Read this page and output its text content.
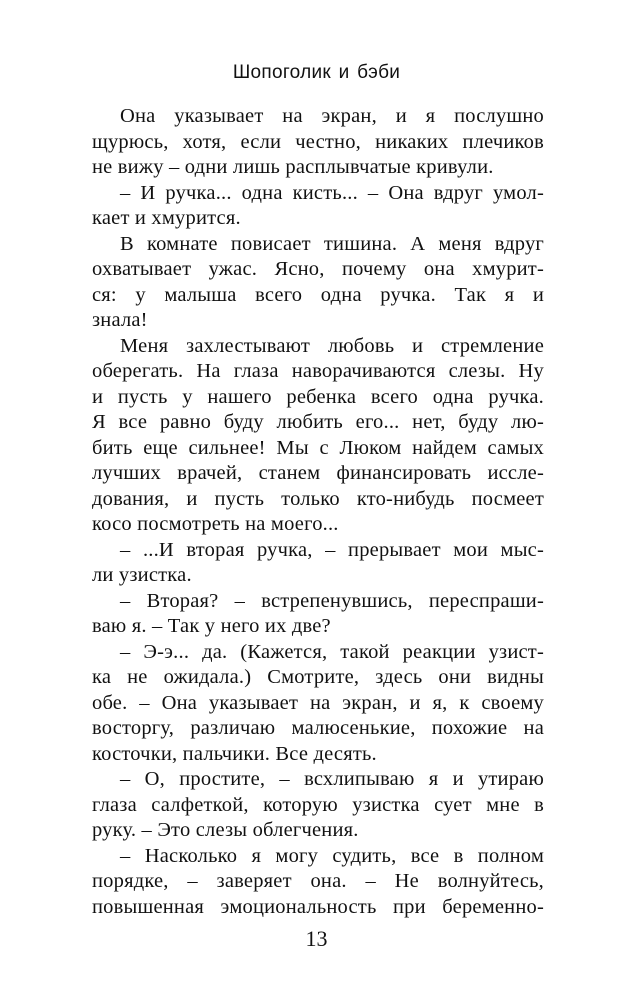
Шопоголик и бэби
Она указывает на экран, и я послушно
щурюсь, хотя, если честно, никаких плечиков
не вижу – одни лишь расплывчатые кривули.
– И ручка... одна кисть... – Она вдруг умол-
кает и хмурится.
В комнате повисает тишина. А меня вдруг
охватывает ужас. Ясно, почему она хмурит-
ся: у малыша всего одна ручка. Так я и
знала!
Меня захлестывают любовь и стремление
оберегать. На глаза наворачиваются слезы. Ну
и пусть у нашего ребенка всего одна ручка.
Я все равно буду любить его... нет, буду лю-
бить еще сильнее! Мы с Люком найдем самых
лучших врачей, станем финансировать иссле-
дования, и пусть только кто-нибудь посмеет
косо посмотреть на моего...
– ...И вторая ручка, – прерывает мои мыс-
ли узистка.
– Вторая? – встрепенувшись, переспраши-
ваю я. – Так у него их две?
– Э-э... да. (Кажется, такой реакции узист-
ка не ожидала.) Смотрите, здесь они видны
обе. – Она указывает на экран, и я, к своему
восторгу, различаю малюсенькие, похожие на
косточки, пальчики. Все десять.
– О, простите, – всхлипываю я и утираю
глаза салфеткой, которую узистка сует мне в
руку. – Это слезы облегчения.
– Насколько я могу судить, все в полном
порядке, – заверяет она. – Не волнуйтесь,
повышенная эмоциональность при беременно-
13
